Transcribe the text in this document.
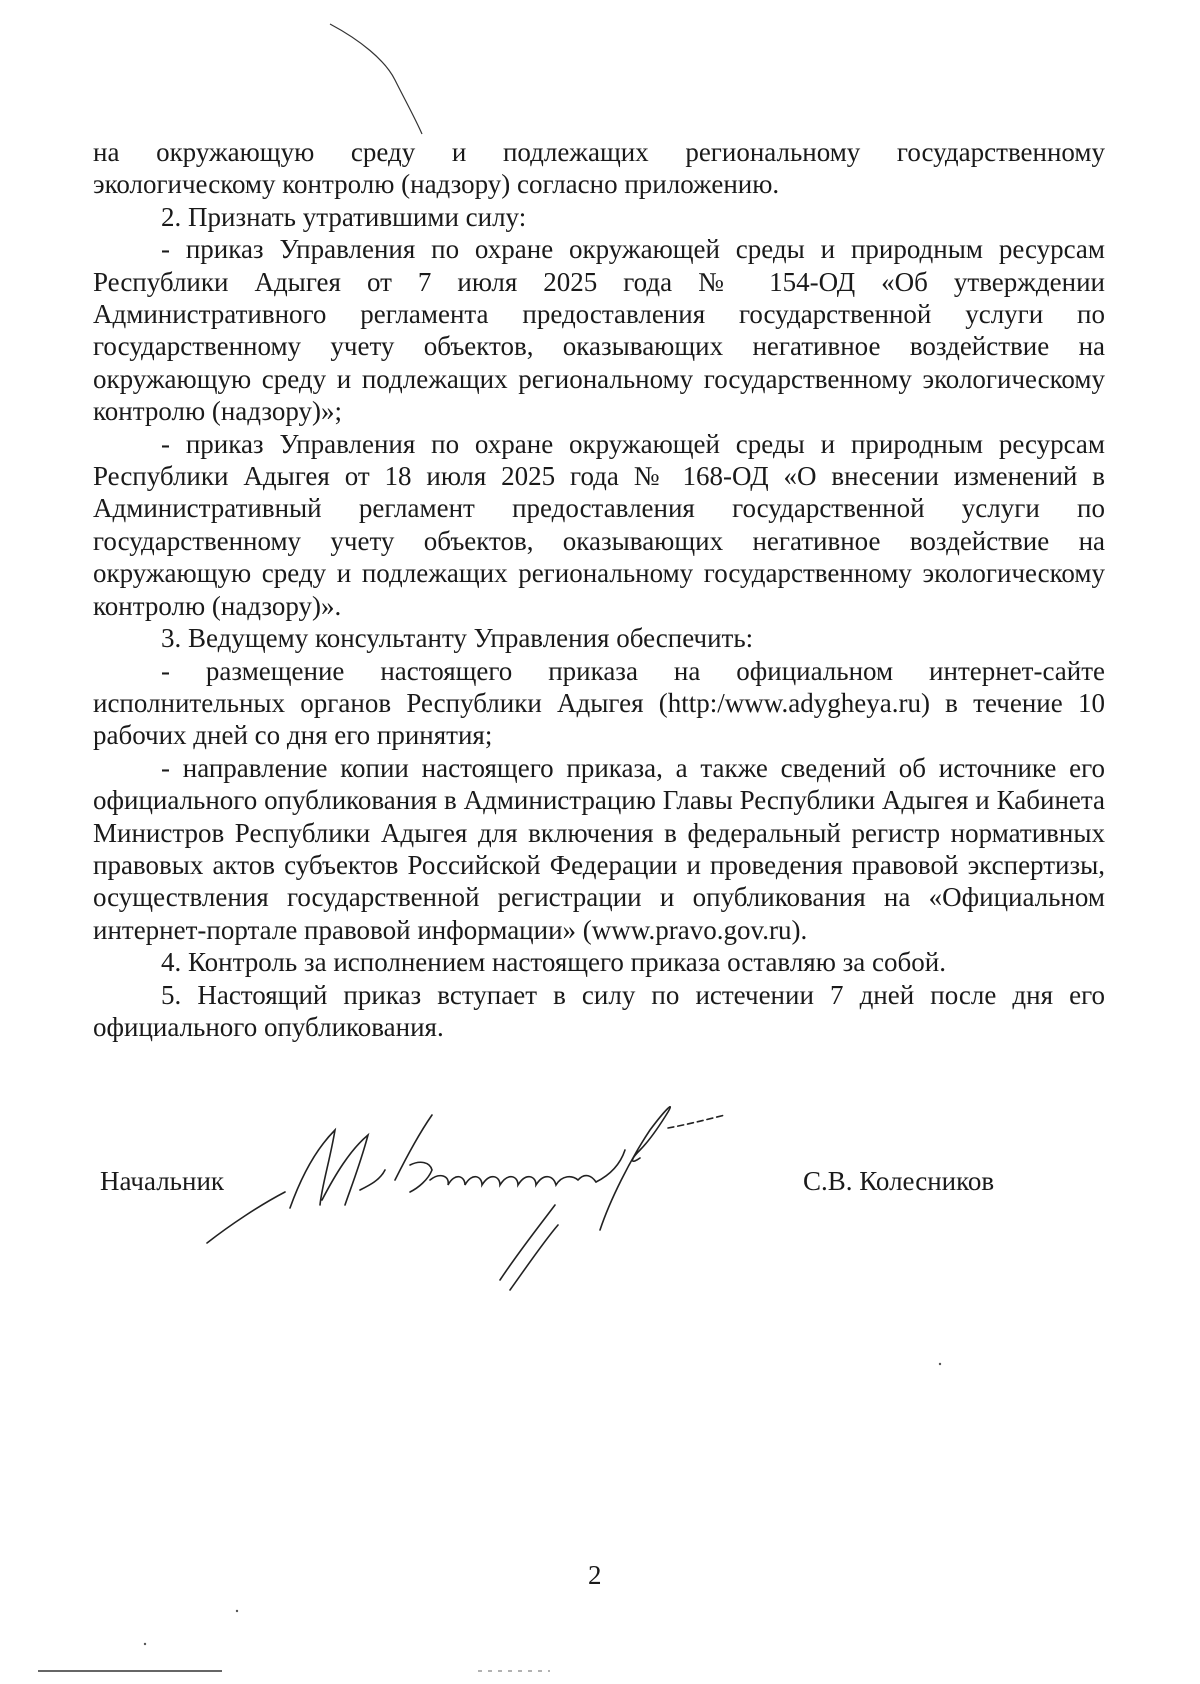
на окружающую среду и подлежащих региональному государственному экологическому контролю (надзору) согласно приложению.

2. Признать утратившими силу:

- приказ Управления по охране окружающей среды и природным ресурсам Республики Адыгея от 7 июля 2025 года № 154-ОД «Об утверждении Административного регламента предоставления государственной услуги по государственному учету объектов, оказывающих негативное воздействие на окружающую среду и подлежащих региональному государственному экологическому контролю (надзору)»;

- приказ Управления по охране окружающей среды и природным ресурсам Республики Адыгея от 18 июля 2025 года № 168-ОД «О внесении изменений в Административный регламент предоставления государственной услуги по государственному учету объектов, оказывающих негативное воздействие на окружающую среду и подлежащих региональному государственному экологическому контролю (надзору)».

3. Ведущему консультанту Управления обеспечить:

- размещение настоящего приказа на официальном интернет-сайте исполнительных органов Республики Адыгея (http:/www.adygheya.ru) в течение 10 рабочих дней со дня его принятия;

- направление копии настоящего приказа, а также сведений об источнике его официального опубликования в Администрацию Главы Республики Адыгея и Кабинета Министров Республики Адыгея для включения в федеральный регистр нормативных правовых актов субъектов Российской Федерации и проведения правовой экспертизы, осуществления государственной регистрации и опубликования на «Официальном интернет-портале правовой информации» (www.pravo.gov.ru).

4. Контроль за исполнением настоящего приказа оставляю за собой.

5. Настоящий приказ вступает в силу по истечении 7 дней после дня его официального опубликования.

Начальник	С.В. Колесников
2
